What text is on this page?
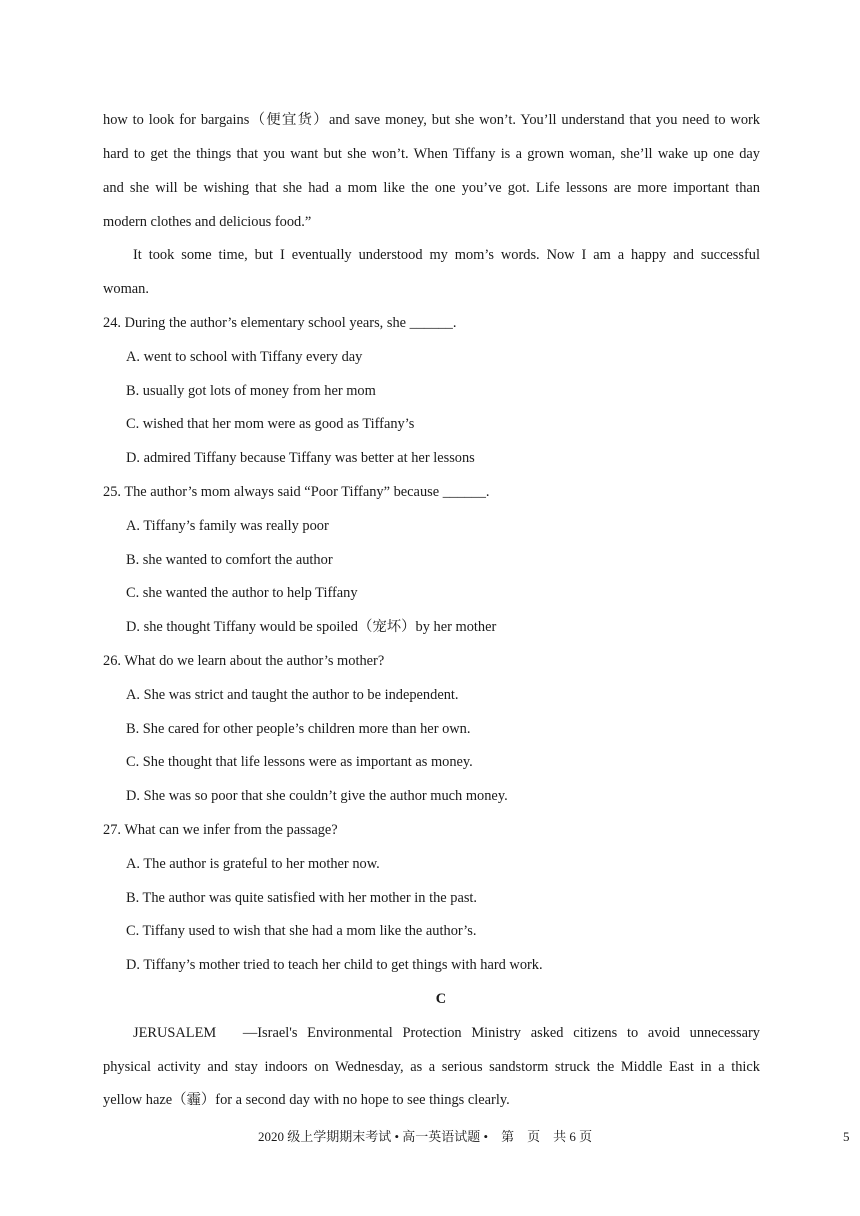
how to look for bargains（便宜货）and save money, but she won’t. You’ll understand that you need to work
hard to get the things that you want but she won’t. When Tiffany is a grown woman, she’ll wake up one day
and she will be wishing that she had a mom like the one you’ve got. Life lessons are more important than
modern clothes and delicious food.”
It took some time, but I eventually understood my mom’s words. Now I am a happy and successful
woman.
24. During the author’s elementary school years, she ______.
A. went to school with Tiffany every day
B. usually got lots of money from her mom
C. wished that her mom were as good as Tiffany’s
D. admired Tiffany because Tiffany was better at her lessons
25. The author’s mom always said “Poor Tiffany” because ______.
A. Tiffany’s family was really poor
B. she wanted to comfort the author
C. she wanted the author to help Tiffany
D. she thought Tiffany would be spoiled（宠坏）by her mother
26. What do we learn about the author’s mother?
A. She was strict and taught the author to be independent.
B. She cared for other people’s children more than her own.
C. She thought that life lessons were as important as money.
D. She was so poor that she couldn’t give the author much money.
27. What can we infer from the passage?
A. The author is grateful to her mother now.
B. The author was quite satisfied with her mother in the past.
C. Tiffany used to wish that she had a mom like the author’s.
D. Tiffany’s mother tried to teach her child to get things with hard work.
C
JERUSALEM　—Israel's Environmental Protection Ministry asked citizens to avoid unnecessary
physical activity and stay indoors on Wednesday, as a serious sandstorm struck the Middle East in a thick
yellow haze（霾）for a second day with no hope to see things clearly.
2020 级上学期期末考试 • 高一英语试题 •　第　页　共 6 页	5
